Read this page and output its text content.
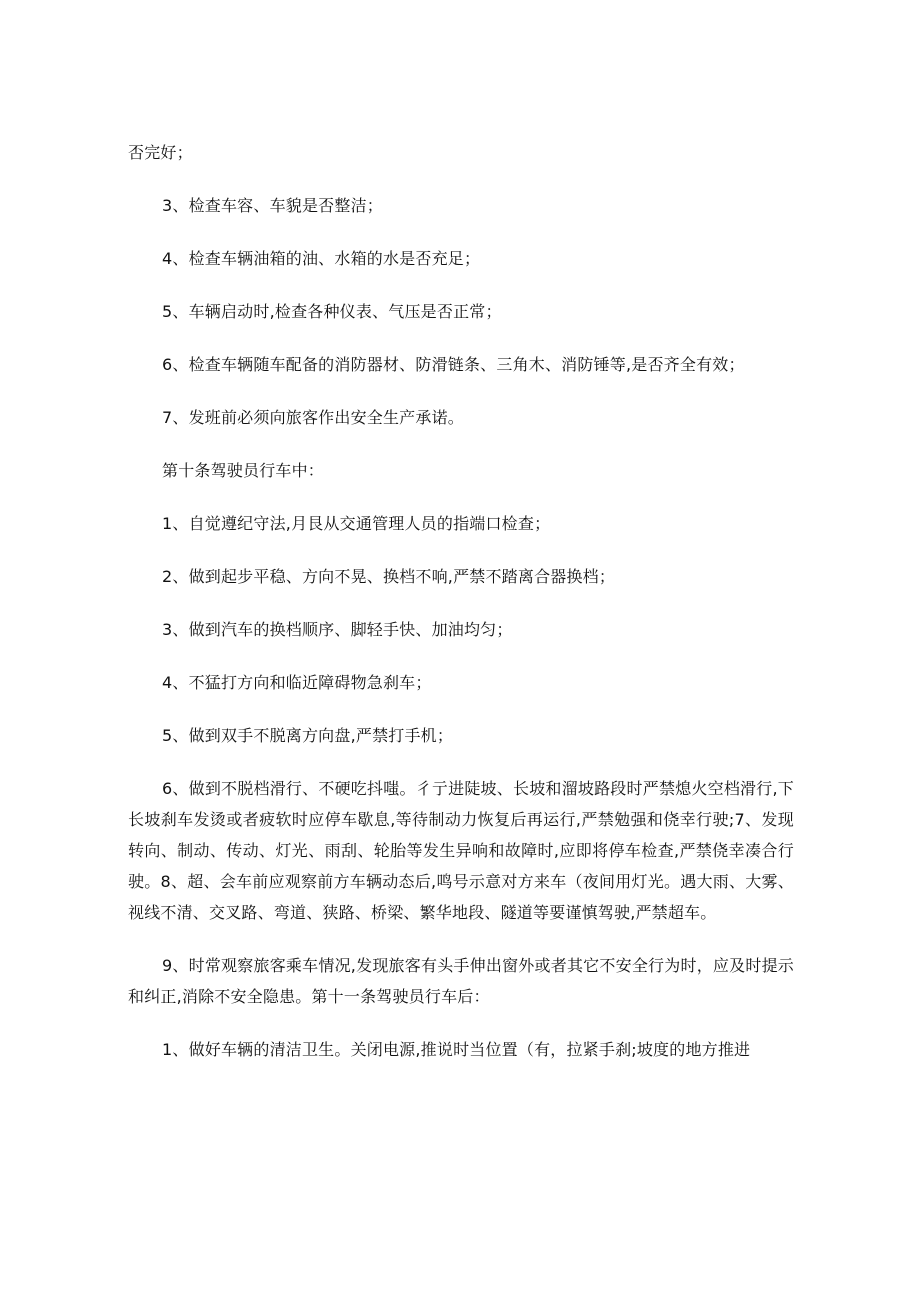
否完好；

3、检查车容、车貌是否整洁；

4、检查车辆油箱的油、水箱的水是否充足；

5、车辆启动时,检查各种仪表、气压是否正常；

6、检查车辆随车配备的消防器材、防滑链条、三角木、消防锤等,是否齐全有效；

7、发班前必须向旅客作出安全生产承诺。

第十条驾驶员行车中：

1、自觉遵纪守法,月艮从交通管理人员的指端口检查；

2、做到起步平稳、方向不晃、换档不响,严禁不踏离合器换档；

3、做到汽车的换档顺序、脚轻手快、加油均匀；

4、不猛打方向和临近障碍物急刹车；

5、做到双手不脱离方向盘,严禁打手机；

6、做到不脱档滑行、不硬吃抖嗤。彳亍进陡坡、长坡和溜坡路段时严禁熄火空档滑行,下长坡刹车发烫或者疲软时应停车歇息,等待制动力恢复后再运行,严禁勉强和侥幸行驶;7、发现转向、制动、传动、灯光、雨刮、轮胎等发生异响和故障时,应即将停车检查,严禁侥幸凑合行驶。8、超、会车前应观察前方车辆动态后,鸣号示意对方来车（夜间用灯光。遇大雨、大雾、视线不清、交叉路、弯道、狭路、桥梁、繁华地段、隧道等要谨慎驾驶,严禁超车。

9、时常观察旅客乘车情况,发现旅客有头手伸出窗外或者其它不安全行为时，应及时提示和纠正,消除不安全隐患。第十一条驾驶员行车后：

1、做好车辆的清洁卫生。关闭电源,推说时当位置（有，拉紧手刹;坡度的地方推进
